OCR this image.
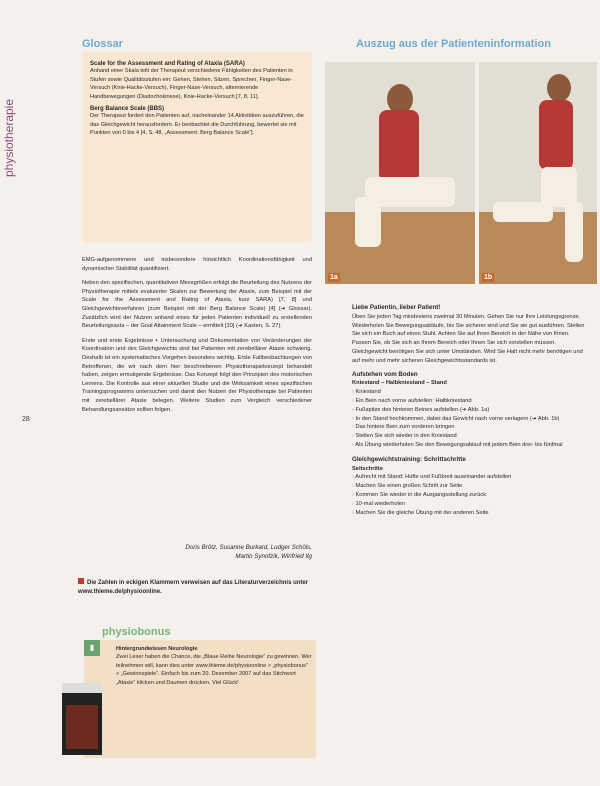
physiotherapie
28
Glossar
Scale for the Assessment and Rating of Ataxia (SARA)
Anhand einer Skala teilt der Therapeut verschiedene Fähigkeiten des Patienten in Stufen sowie Qualitätsstufen ein: Gehen, Stehen, Sitzen, Sprechen, Finger-Nase-Versuch (Knie-Hacke-Versuch), Finger-Nase-Versuch, alternierende Handbewegungen (Diadochokinese), Knie-Hacke-Versuch [7, 8, 11].
Berg Balance Scale (BBS)
Der Therapeut fordert den Patienten auf, nacheinander 14 Aktivitäten auszuführen, die das Gleichgewicht herausfordern. Er beobachtet die Durchführung, bewertet sie mit Punkten von 0 bis 4 [4, S. 48, „Assessment: Berg Balance Scale“].

EMG-aufgenommene und insbesondere hinsichtlich Koordinationsfähigkeit und dynamischer Stabilität quantifiziert.

Neben den spezifischen, quantitativen Messgrößen erfolgt die Beurteilung des Nutzens der Physiotherapie mittels evaluierter Skalen zur Bewertung der Ataxie, zum Beispiel mit der Scale for the Assessment and Rating of Ataxia, kurz SARA) [7, 8] und Gleichgewichtsverfahren (zum Beispiel mit der Berg Balance Scale) [4] (➔ Glossar). Zusätzlich wird der Nutzen anhand eines für jeden Patienten individuell zu erstellenden Beurteilungsasta – der Goal Attainment Scale – ermittelt [10] (➔ Kasten, S. 27).

Erste und erste Ergebnisse ▪ Untersuchung und Dokumentation von Veränderungen der Koordination und des Gleichgewichts sind bei Patienten mit zerebellärer Ataxie schwierig. Deshalb ist ein systematisches Vorgehen besonders wichtig. Erste Fallbeobachtungen von Betroffenen, die wir nach dem hier beschriebenen Physiotherapiekonzept behandelt haben, zeigen ermutigende Ergebnisse. Das Konzept folgt den Prinzipien des motorischen Lernens. Die Kontrolle aus einer aktuellen Studie und die Wirksamkeit eines spezifischen Trainingsprogramms untersuchen und damit den Nutzen der Physiotherapie bei Patienten mit zerebellärer Ataxie belegen. Weitere Studien zum Vergleich verschiedener Behandlungsansätze sollten folgen.

Doris Brötz, Susanne Burkard, Ludger Schöls,
Martin Synofzik, Winfried Ilg
Die Zahlen in eckigen Klammern verweisen auf das Literaturverzeichnis unter www.thieme.de/physioonline.
physiobonus
▮	Hintergrundwissen Neurologie
Zwei Leser haben die Chance, die „Blaue Reihe Neurologie“ zu gewinnen. Wer teilnehmen will, kann dies unter www.thieme.de/physioonline > „physiobonus“ > „Gewinnspiele“. Einfach bis zum 20. Dezember 2007 auf das Stichwort „Ataxie“ klicken und Daumen drücken. Viel Glück!
Auszug aus der Patienteninformation
1a	1b
Liebe Patientin, lieber Patient!

Üben Sie jeden Tag mindestens zweimal 30 Minuten. Gehen Sie nur Ihre Leistungsgrenze. Wiederholen Sie Bewegungsabläufe, bis Sie sicherer sind und Sie sie gut ausführen. Stellen Sie sich ein Buch auf einen Stuhl. Achten Sie auf Ihren Bereich in der Nähe von Ihnen. Passen Sie, ob Sie sich an Ihrem Bereich oder Ihnen Sie sich vorstellen müssen. Gleichgewicht benötigen Sie sich unter Umständen. Wird Sie Halt nicht mehr benötigen und auf mehr und mehr sicheren Gleichgewichtsstandards ist.

Aufstehen vom Boden
Kniestand – Halbkniestand – Stand
› Kniestand
› Ein Bein nach vorne aufstellen: Halbkniestand
› Fußspitze des hinteren Beines aufstellen (➔ Abb. 1a)
› In den Stand hochkommen, dabei das Gewicht nach vorne verlagern (➔ Abb. 1b)
› Das hintere Bein zum vorderen bringen
› Stellen Sie sich wieder in den Kniestand
› Als Übung wiederholen Sie den Bewegungsablauf mit jedem Bein drei- bis fünfmal
Gleichgewichtstraining: Schrittschritte
Seitschritte
› Aufrecht mit Stand: Hüfte und Fußbreit auseinander aufstellen
› Machen Sie einen großen Schritt zur Seite
› Kommen Sie wieder in die Ausgangsstellung zurück
› 10-mal wiederholen
› Machen Sie die gleiche Übung mit der anderen Seite
